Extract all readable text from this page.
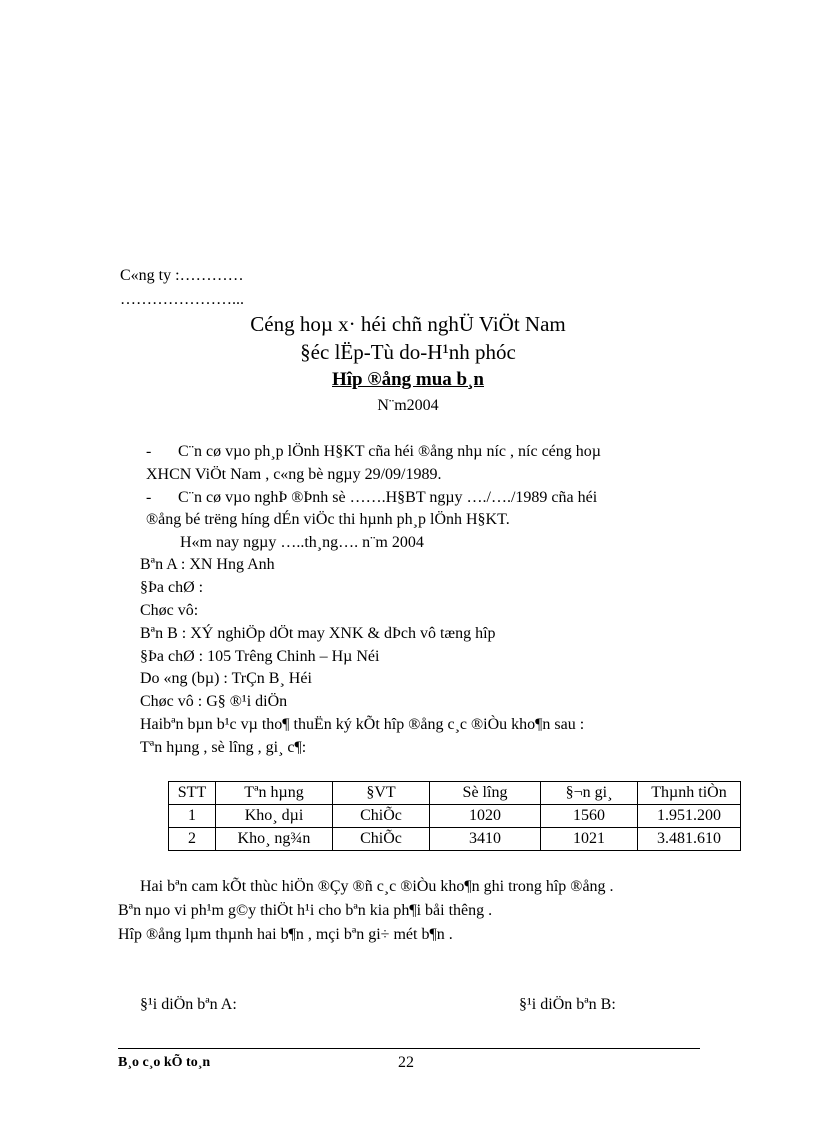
C«ng ty :…………
…………………...
Céng hoµ x· héi chñ nghÜ ViÖt Nam
§éc lËp-Tù do-H¹nh phóc
Hîp ®ång mua b¸n
N¨m2004
- C¨n cø vµo ph¸p lÖnh H§KT cña héi ®ång nhµ níc , níc céng hoµ
XHCN ViÖt Nam , c«ng bè ngµy 29/09/1989.
- C¨n cø vµo nghÞ ®Þnh sè …….H§BT ngµy …./…./1989 cña héi
®ång bé trëng híng dÉn viÖc thi hµnh ph¸p lÖnh H§KT.
H«m nay ngµy …..th¸ng…. n¨m 2004
Bªn A : XN Hng Anh
§Þa chØ :
Chøc vô:
Bªn B : XÝ nghiÖp dÖt may XNK & dÞch vô tæng hîp
§Þa chØ : 105 Trêng Chinh – Hµ Néi
Do «ng (bµ) : TrÇn B¸ Héi
Chøc vô : G§ ®¹i diÖn
Haibªn bµn b¹c vµ tho¶ thuËn ký kÕt hîp ®ång c¸c ®iÒu kho¶n sau :
Tªn hµng , sè lîng , gi¸ c¶:
STT	Tªn hµng	§VT	Sè lîng	§¬n gi¸	Thµnh tiÒn
1	Kho¸ dµi	ChiÕc	1020	1560	1.951.200
2	Kho¸ ng¾n	ChiÕc	3410	1021	3.481.610
Hai bªn cam kÕt thùc hiÖn ®Çy ®ñ c¸c ®iÒu kho¶n ghi trong hîp ®ång .
Bªn nµo vi ph¹m g©y thiÖt h¹i cho bªn kia ph¶i båi thêng .
Hîp ®ång lµm thµnh hai b¶n , mçi bªn gi÷ mét b¶n .
§¹i diÖn bªn A:	§¹i diÖn bªn B:
B¸o c¸o kÕ to¸n	22
